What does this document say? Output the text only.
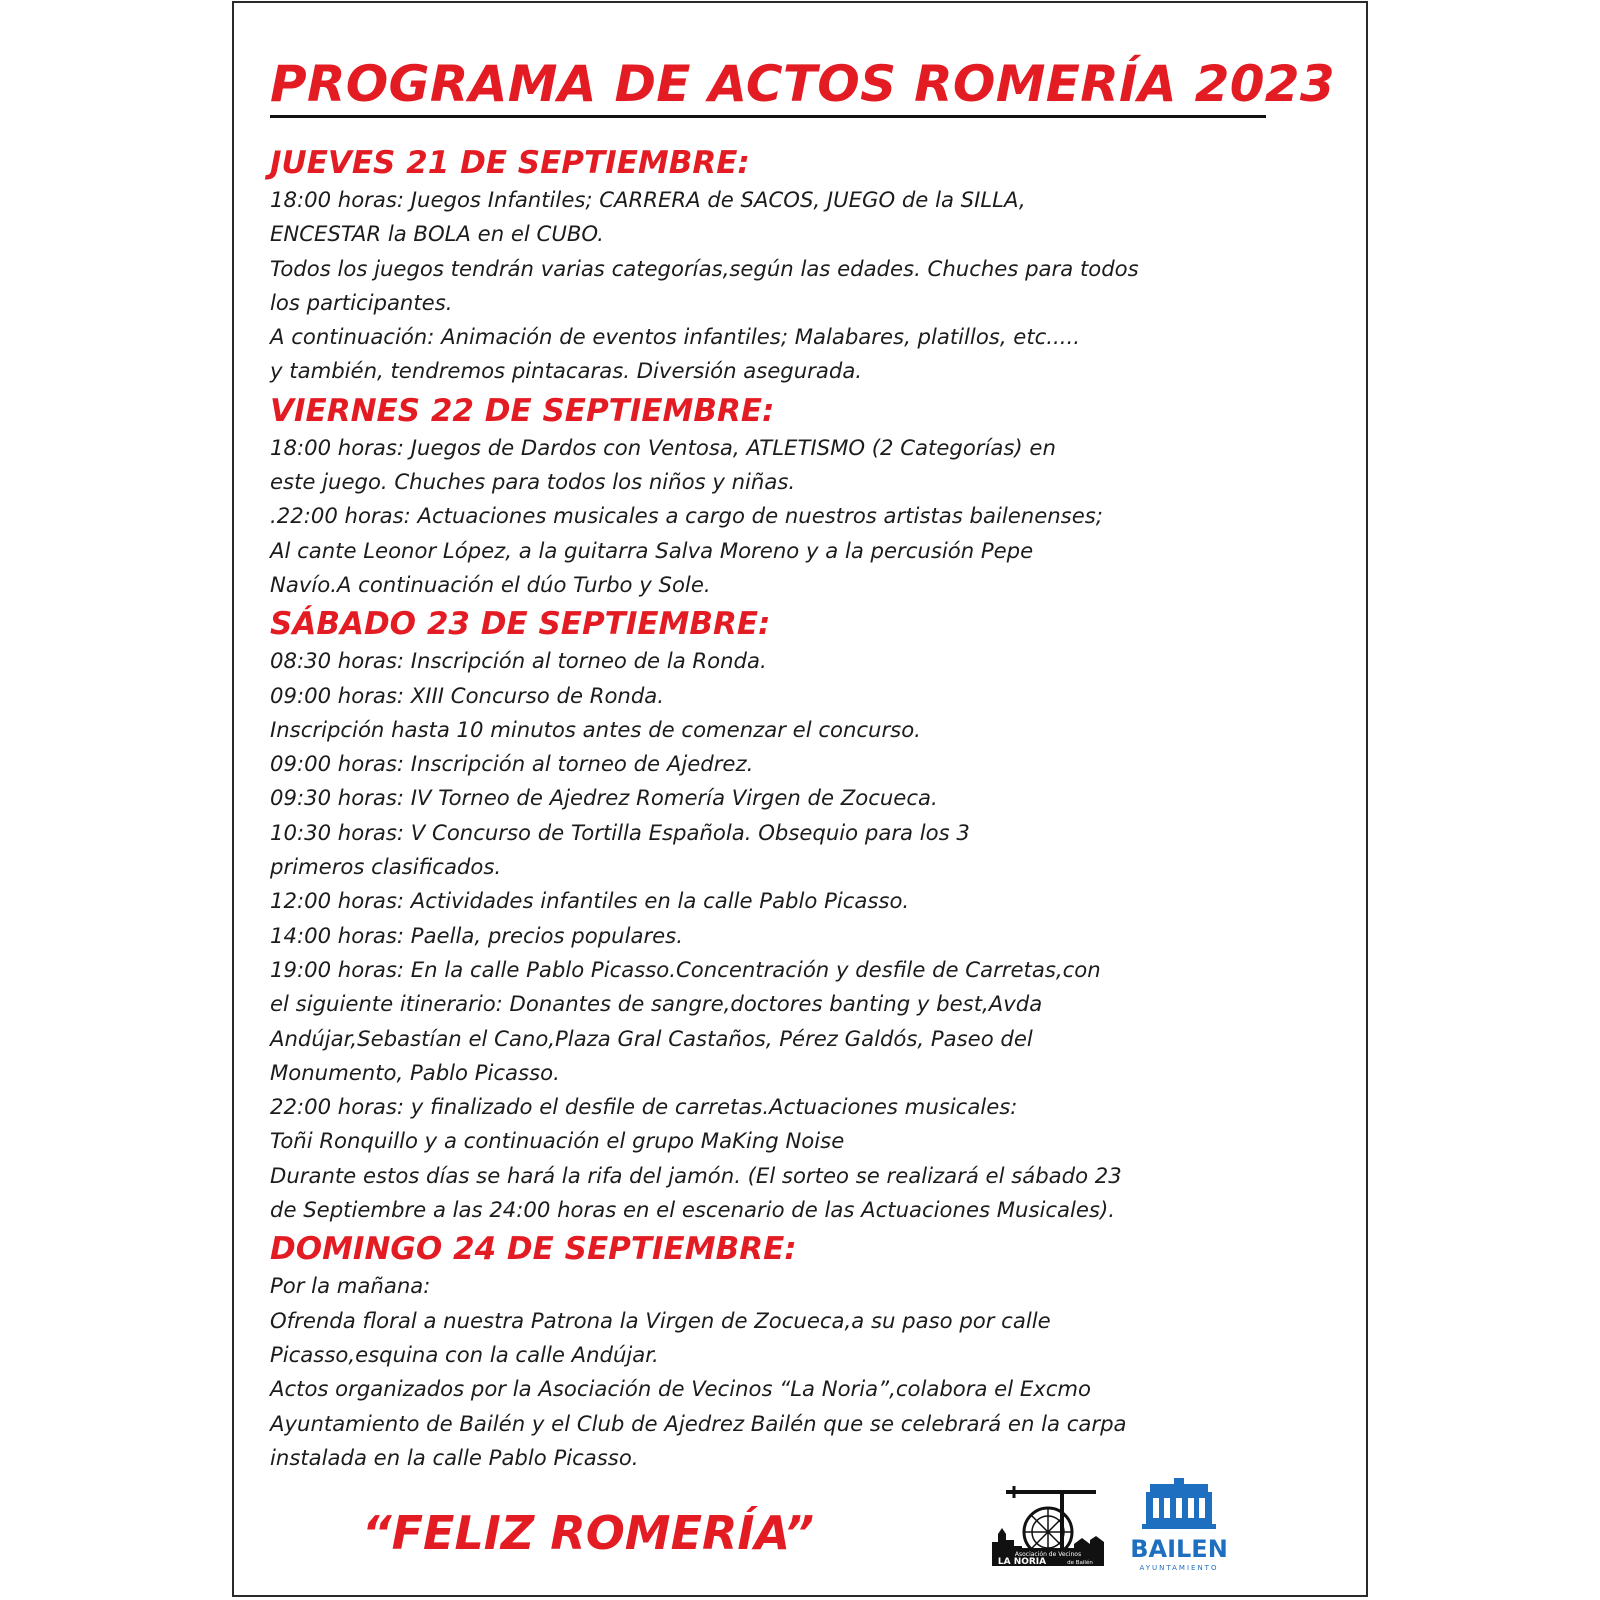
PROGRAMA DE ACTOS ROMERÍA 2023
JUEVES 21 DE SEPTIEMBRE:
18:00 horas: Juegos Infantiles; CARRERA de SACOS, JUEGO de la SILLA,
ENCESTAR la BOLA en el CUBO.
Todos los juegos tendrán varias categorías,según las edades. Chuches para todos
los participantes.
A continuación: Animación de eventos infantiles; Malabares, platillos, etc.....
y también, tendremos pintacaras. Diversión asegurada.
VIERNES 22 DE SEPTIEMBRE:
18:00 horas: Juegos de Dardos con Ventosa, ATLETISMO (2 Categorías) en
este juego. Chuches para todos los niños y niñas.
.22:00 horas: Actuaciones musicales a cargo de nuestros artistas bailenenses;
Al cante Leonor López, a la guitarra Salva Moreno y a la percusión Pepe
Navío.A continuación el dúo Turbo y Sole.
SÁBADO 23 DE SEPTIEMBRE:
08:30 horas: Inscripción al torneo de la Ronda.
09:00 horas: XIII Concurso de Ronda.
Inscripción hasta 10 minutos antes de comenzar el concurso.
09:00 horas: Inscripción al torneo de Ajedrez.
09:30 horas: IV Torneo de Ajedrez Romería Virgen de Zocueca.
10:30 horas: V Concurso de Tortilla Española. Obsequio para los 3
primeros clasificados.
12:00 horas: Actividades infantiles en la calle Pablo Picasso.
14:00 horas: Paella, precios populares.
19:00 horas: En la calle Pablo Picasso.Concentración y desfile de Carretas,con
el siguiente itinerario: Donantes de sangre,doctores banting y best,Avda
Andújar,Sebastían el Cano,Plaza Gral Castaños, Pérez Galdós, Paseo del
Monumento, Pablo Picasso.
22:00 horas: y finalizado el desfile de carretas.Actuaciones musicales:
Toñi Ronquillo y a continuación el grupo MaKing Noise
Durante estos días se hará la rifa del jamón. (El sorteo se realizará el sábado 23
de Septiembre a las 24:00 horas en el escenario de las Actuaciones Musicales).
DOMINGO 24 DE SEPTIEMBRE:
Por la mañana:
Ofrenda floral a nuestra Patrona la Virgen de Zocueca,a su paso por calle
Picasso,esquina con la calle Andújar.
Actos organizados por la Asociación de Vecinos “La Noria”,colabora el Excmo
Ayuntamiento de Bailén y el Club de Ajedrez Bailén que se celebrará en la carpa
instalada en la calle Pablo Picasso.

“FELIZ ROMERÍA”	Asociación de Vecinos
LA NORIA	de Bailén BAILEN
AYUNTAMIENTO
